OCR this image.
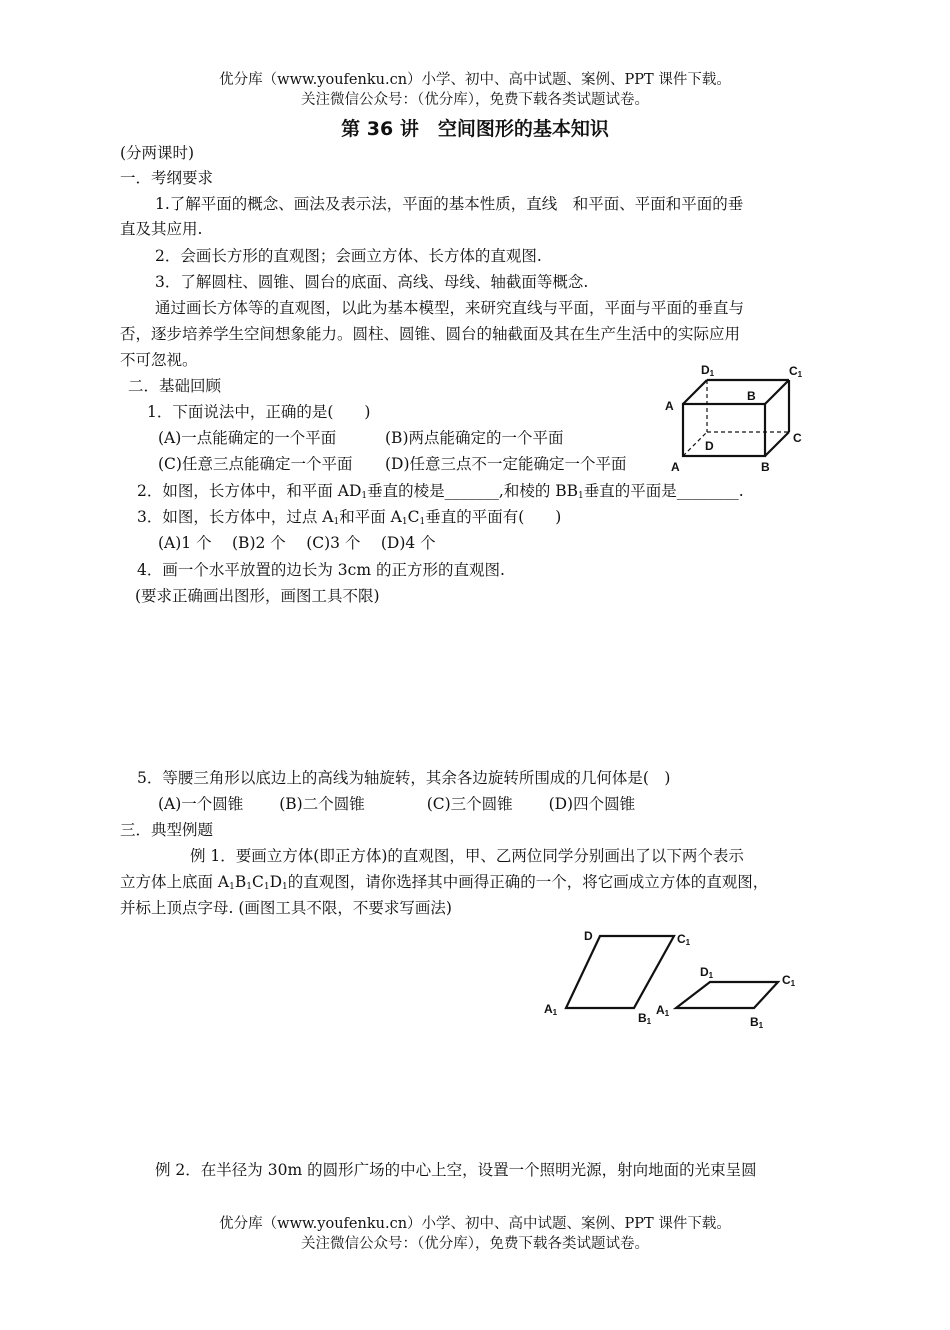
优分库（www.youfenku.cn）小学、初中、高中试题、案例、PPT 课件下载。
关注微信公众号：（优分库），免费下载各类试题试卷。
第 36 讲　空间图形的基本知识
(分两课时)
一．考纲要求
1.了解平面的概念、画法及表示法，平面的基本性质，直线　和平面、平面和平面的垂
直及其应用.
2．会画长方形的直观图；会画立方体、长方体的直观图.
3．了解圆柱、圆锥、圆台的底面、高线、母线、轴截面等概念.
通过画长方体等的直观图，以此为基本模型，来研究直线与平面，平面与平面的垂直与
否，逐步培养学生空间想象能力。圆柱、圆锥、圆台的轴截面及其在生产生活中的实际应用
不可忽视。
二．基础回顾
1．下面说法中，正确的是(　　)
(A)一点能确定的一个平面	(B)两点能确定的一个平面
(C)任意三点能确定一个平面 (D)任意三点不一定能确定一个平面
2．如图，长方体中，和平面 $AD_1$垂直的棱是_______,和棱的 $BB_1$垂直的平面是________.
3．如图，长方体中，过点 $A_1$和平面 $A_1C_1$垂直的平面有(　　)
(A)1 个　 (B)2 个　 (C)3 个　 (D)4 个
4．画一个水平放置的边长为 3cm 的正方形的直观图.
(要求正确画出图形，画图工具不限)
5．等腰三角形以底边上的高线为轴旋转，其余各边旋转所围成的几何体是(　)
(A)一个圆锥　　 (B)二个圆锥　　　　(C)三个圆锥　　 (D)四个圆锥
三．典型例题
例 1．要画立方体(即正方体)的直观图，甲、乙两位同学分别画出了以下两个表示
立方体上底面 $A_1B_1C_1D_1$的直观图，请你选择其中画得正确的一个，将它画成立方体的直观图，
并标上顶点字母. (画图工具不限，不要求写画法)
例 2．在半径为 30m 的圆形广场的中心上空，设置一个照明光源，射向地面的光束呈圆
D1	C1
A
B
C
D
A	B
D	C1
A1	B1
D1	C1
A1
B1
优分库（www.youfenku.cn）小学、初中、高中试题、案例、PPT 课件下载。
关注微信公众号：（优分库），免费下载各类试题试卷。
